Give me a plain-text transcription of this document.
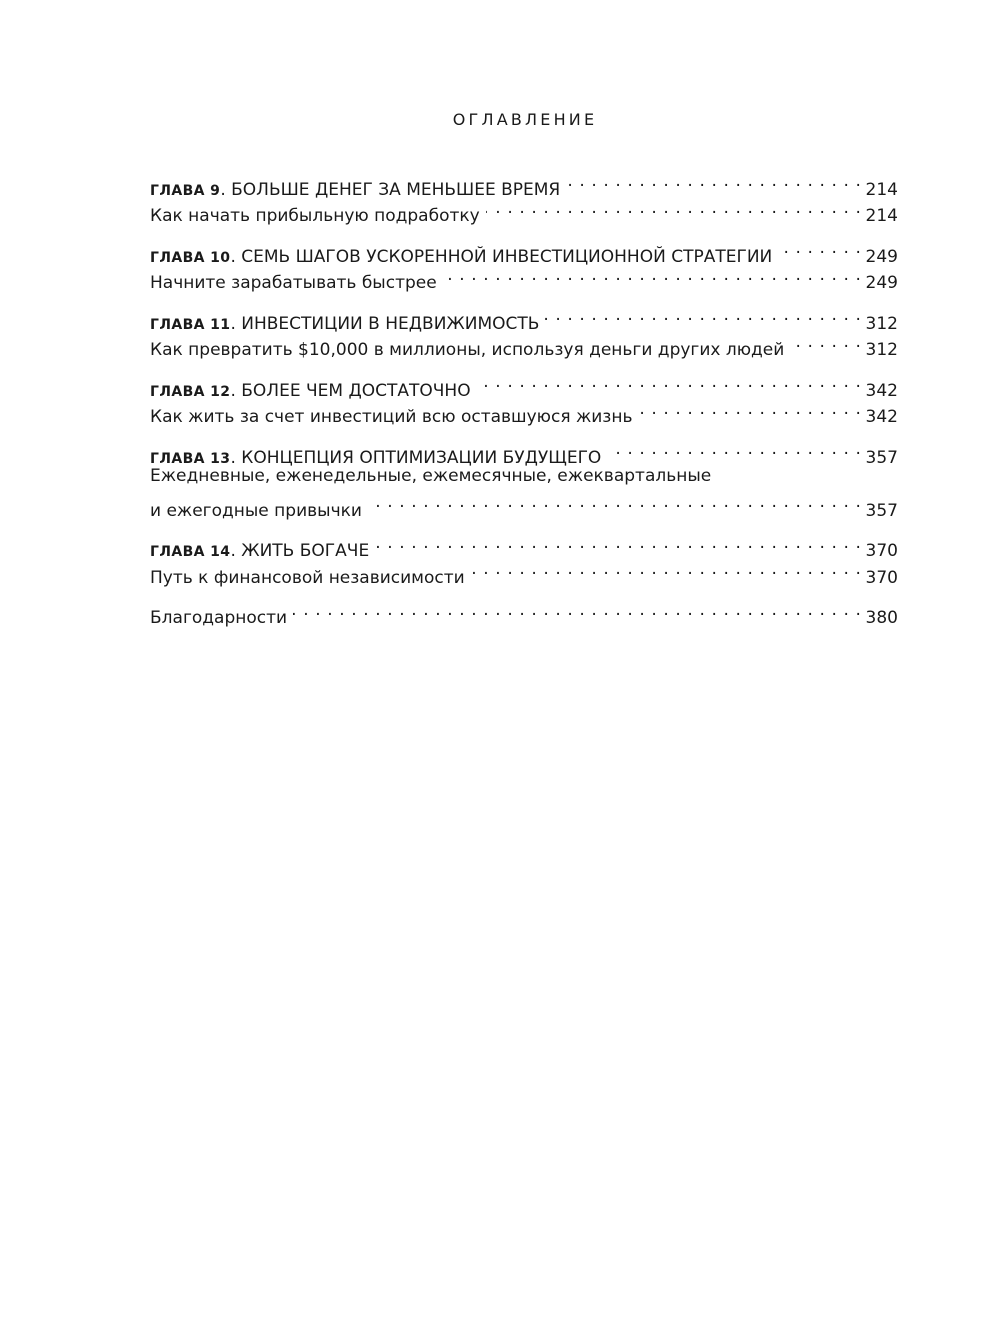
ОГЛАВЛЕНИЕ
ГЛАВА 9. БОЛЬШЕ ДЕНЕГ ЗА МЕНЬШЕЕ ВРЕМЯ . . .	214
Как начать прибыльную подработку . . .	214
ГЛАВА 10. СЕМЬ ШАГОВ УСКОРЕННОЙ ИНВЕСТИЦИОННОЙ СТРАТЕГИИ . . .	249
Начните зарабатывать быстрее . . .	249
ГЛАВА 11. ИНВЕСТИЦИИ В НЕДВИЖИМОСТЬ . . .	312
Как превратить $10,000 в миллионы, используя деньги других людей . . .	312
ГЛАВА 12. БОЛЕЕ ЧЕМ ДОСТАТОЧНО . . .	342
Как жить за счет инвестиций всю оставшуюся жизнь . . .	342
ГЛАВА 13. КОНЦЕПЦИЯ ОПТИМИЗАЦИИ БУДУЩЕГО . . .	357
Ежедневные, еженедельные, ежемесячные, ежеквартальные
и ежегодные привычки . . .	357
ГЛАВА 14. ЖИТЬ БОГАЧЕ . . .	370
Путь к финансовой независимости . . .	370
Благодарности . . .	380
